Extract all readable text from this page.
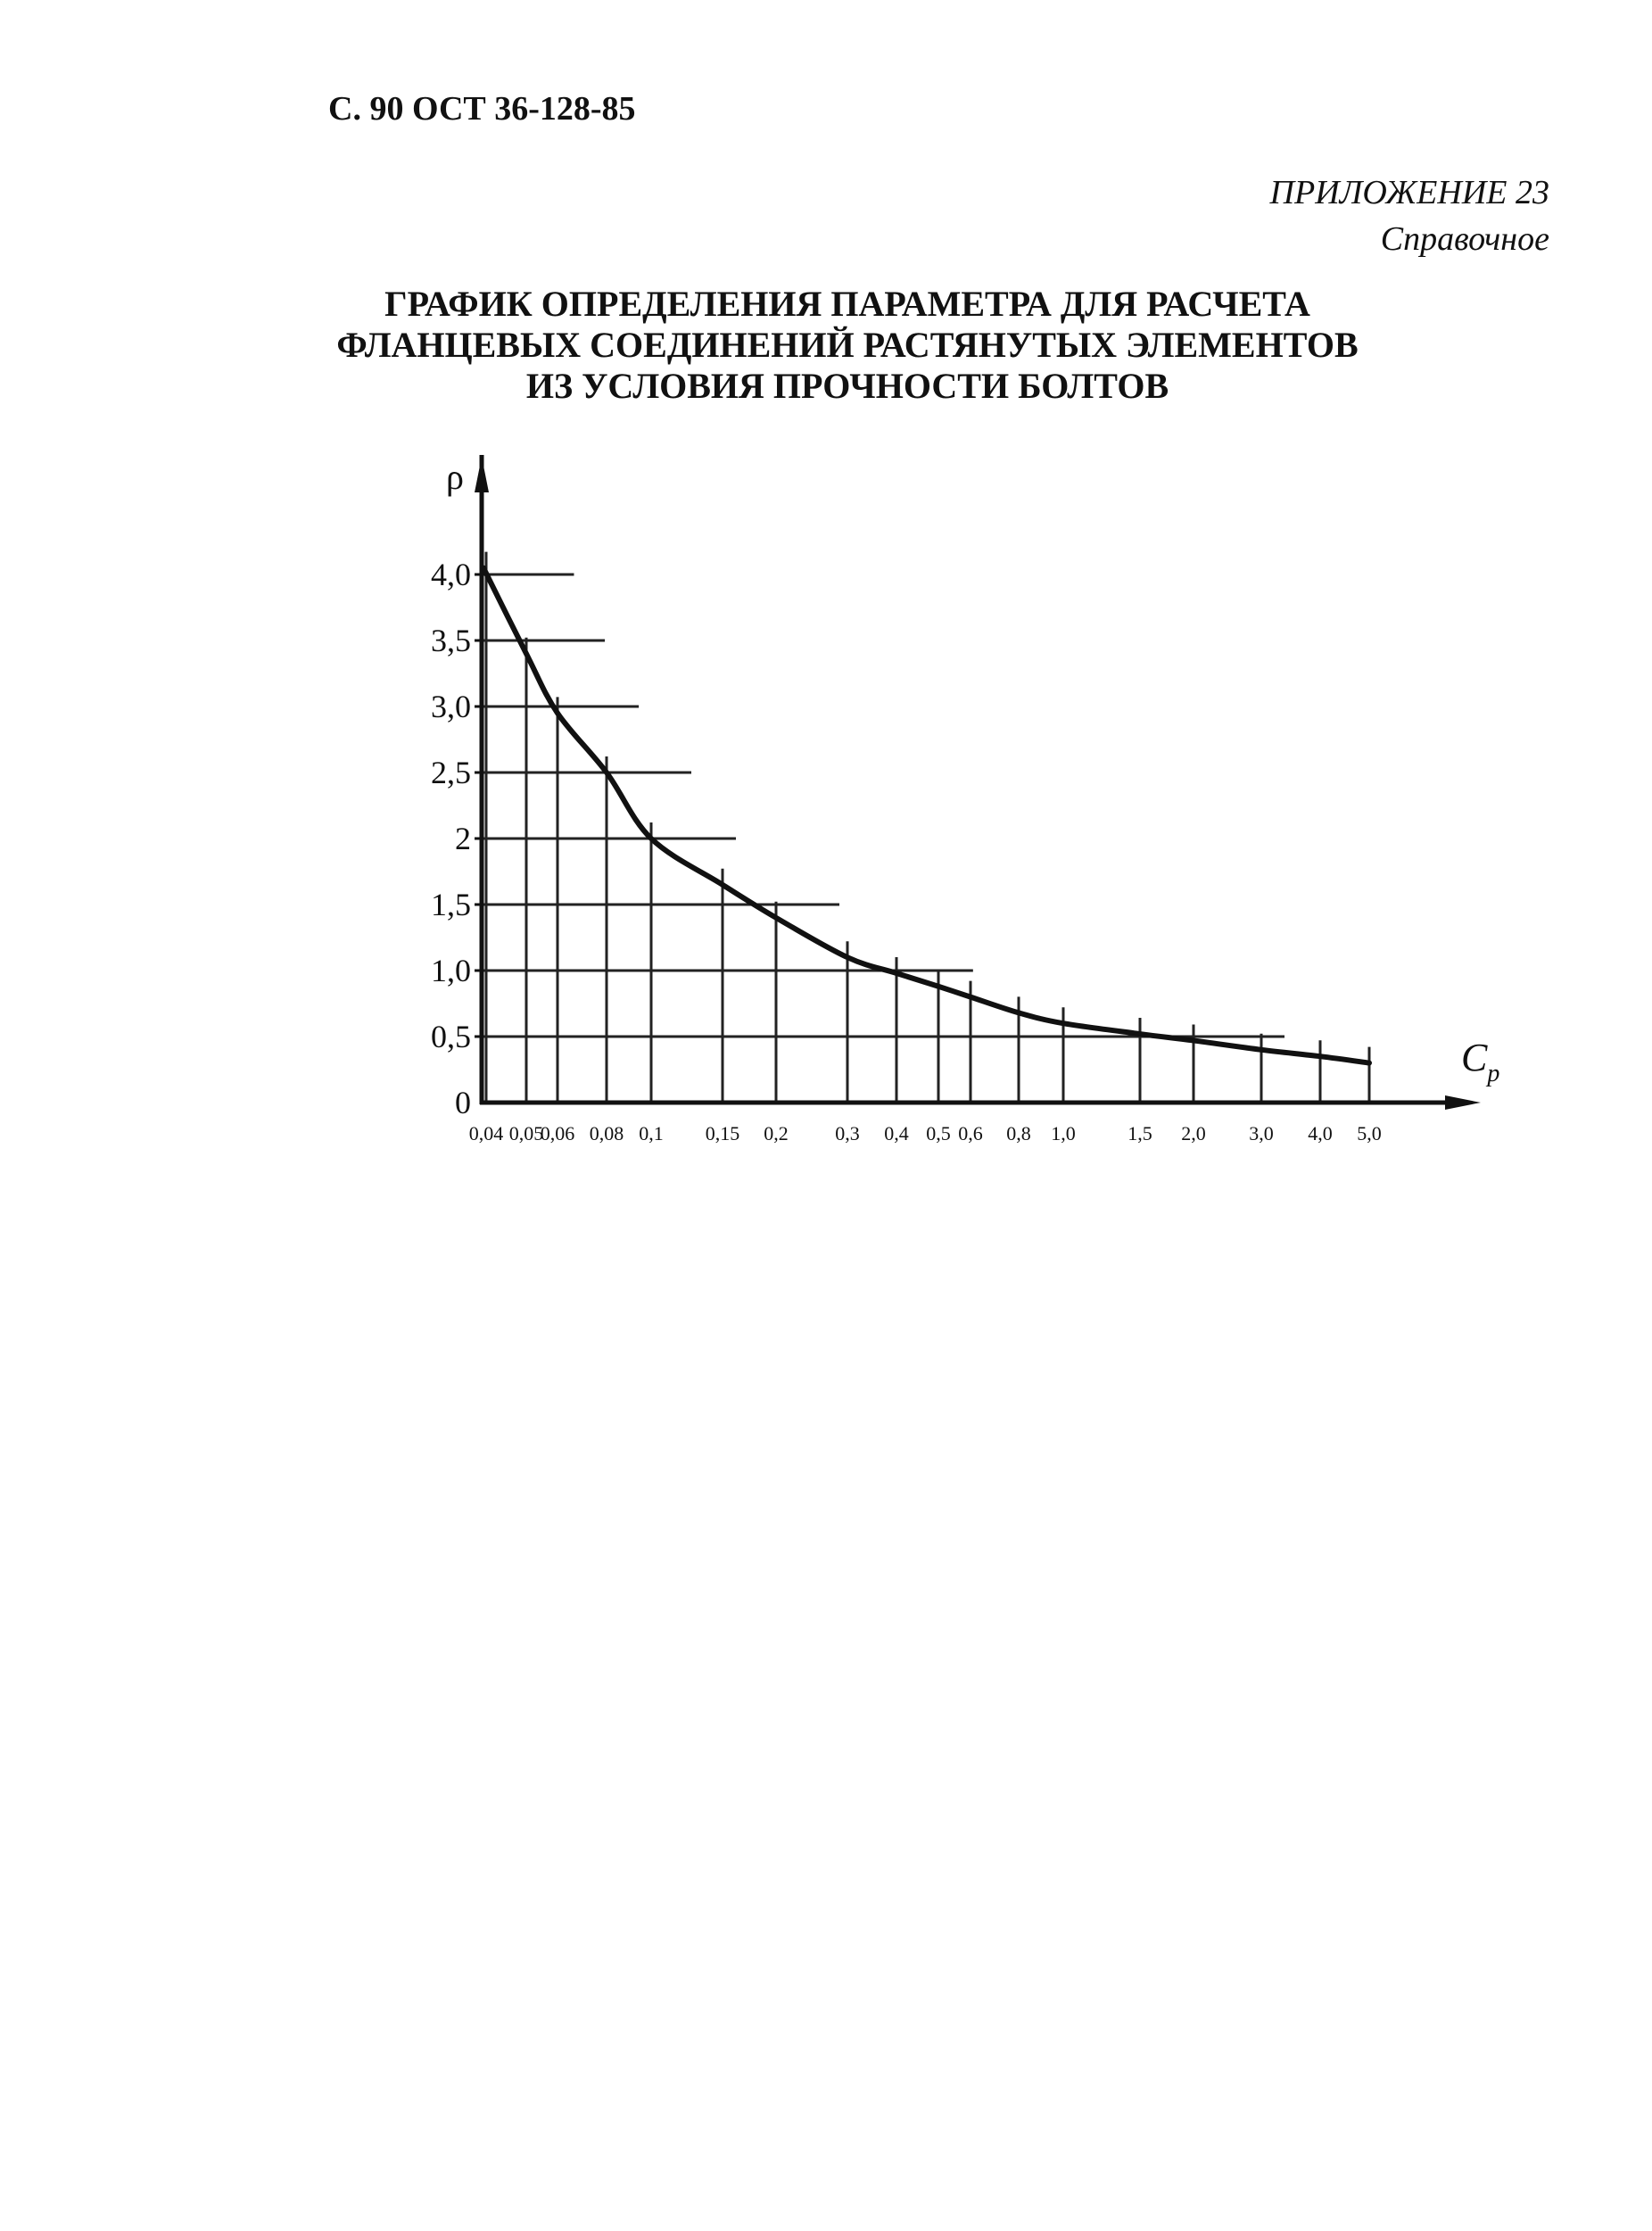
С. 90 ОСТ 36-128-85
ПРИЛОЖЕНИЕ 23
Справочное
ГРАФИК ОПРЕДЕЛЕНИЯ ПАРАМЕТРА ДЛЯ РАСЧЕТА
ФЛАНЦЕВЫХ СОЕДИНЕНИЙ РАСТЯНУТЫХ ЭЛЕМЕНТОВ
ИЗ УСЛОВИЯ ПРОЧНОСТИ БОЛТОВ
ρ
$C_p$
0
0,5
1,0
1,5
2
2,5
3,0
3,5
4,0
0,04 0,05
0,06 0,08 0,1 0,15 0,2 0,3 0,4 0,5 0,6 0,8 1,0	1,5 2,0 3,0 4,0 5,0
